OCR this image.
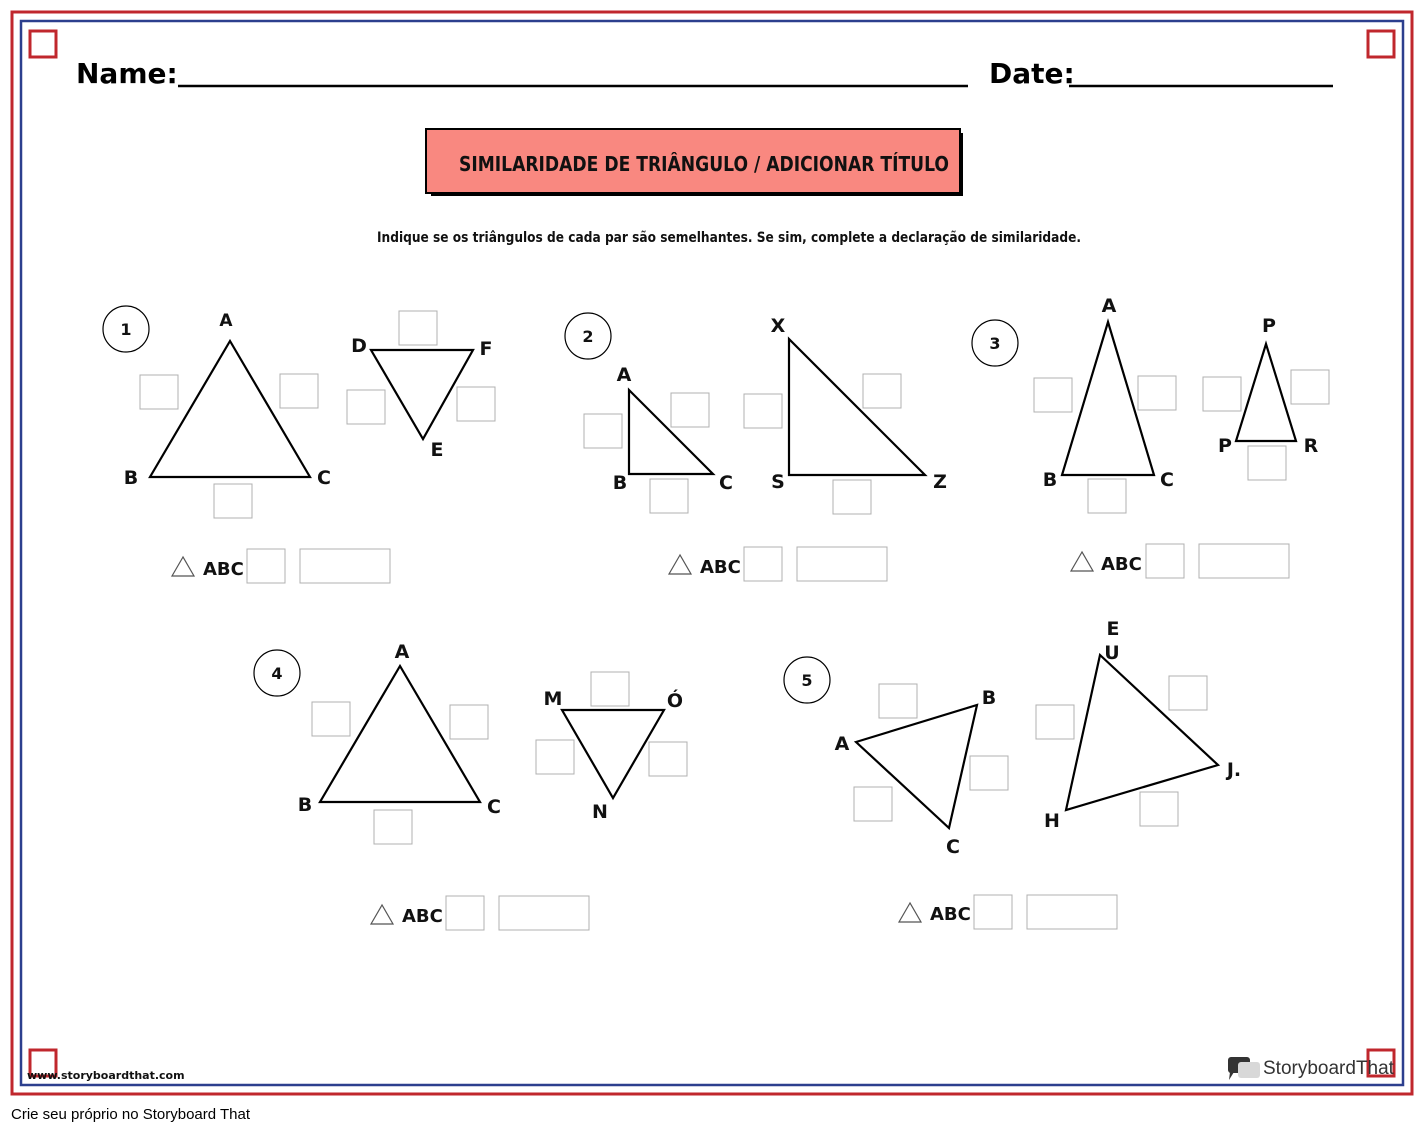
Name:	Date:
SIMILARIDADE DE TRIÂNGULO / ADICIONAR TÍTULO
Indique se os triângulos de cada par são semelhantes. Se sim, complete a declaração de similaridade.
1	A
B	C
D	F
E
ABC
2
A
B	C
X
S	Z
ABC
3
A
B	C
P
P	R
ABC
4
A
B	C
M	Ó
N
ABC
5
A
B
C
E
U
J.
H
ABC
www.storyboardthat.com	StoryboardThat
Crie seu próprio no Storyboard That
